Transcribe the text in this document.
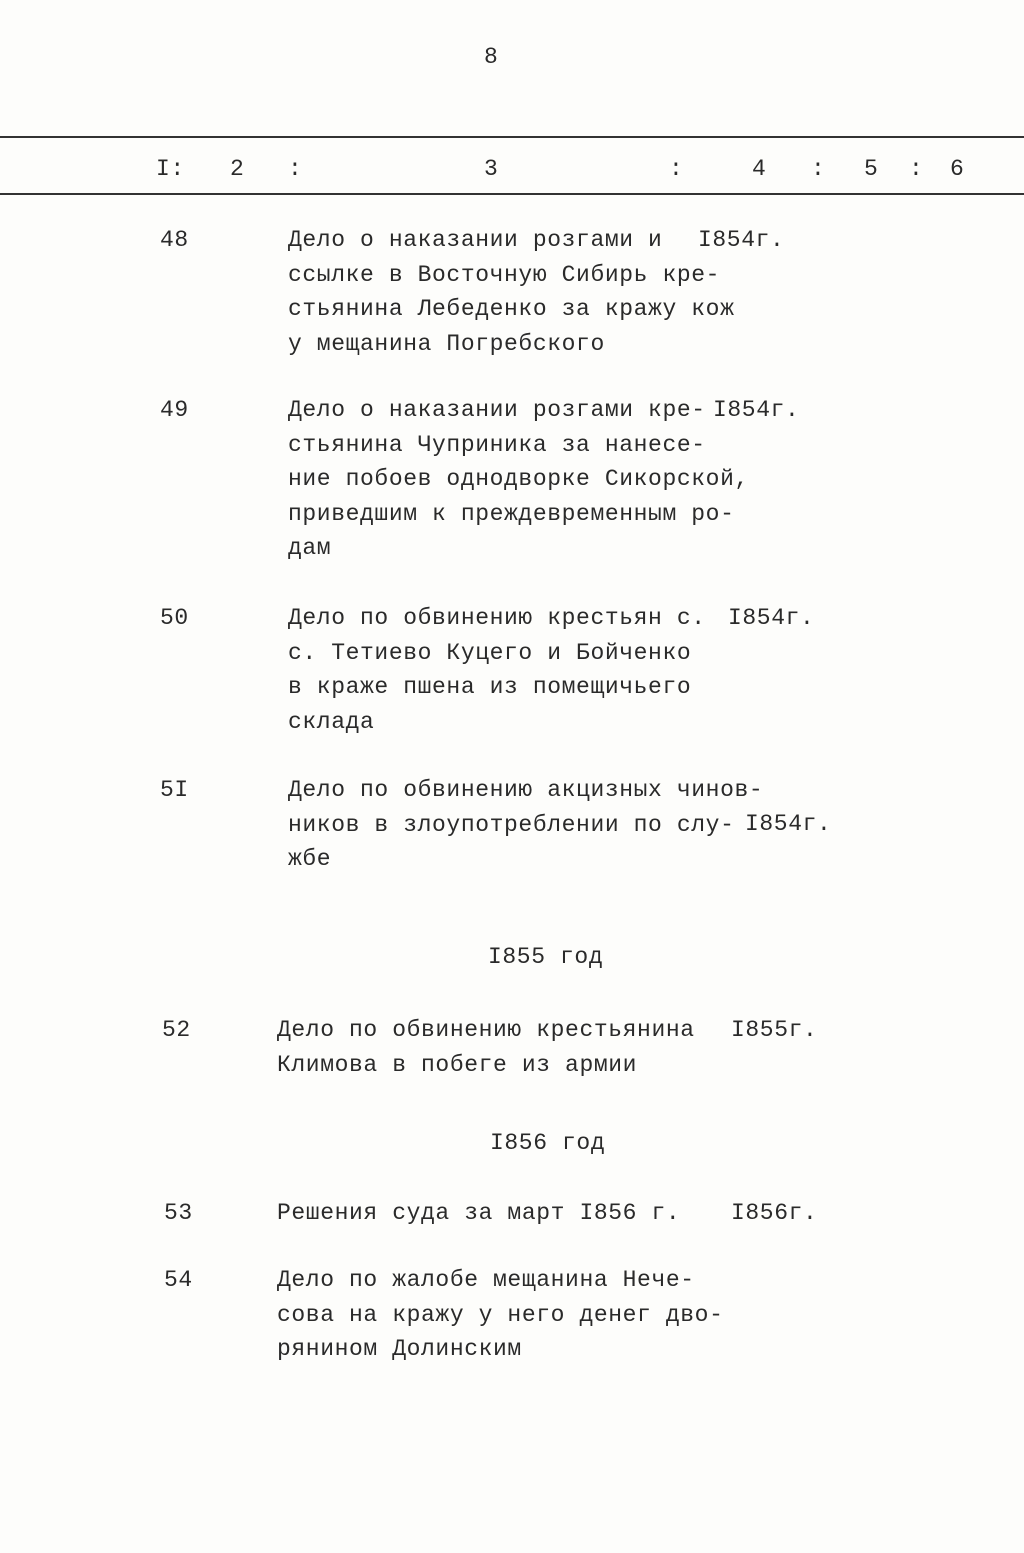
8
I: 2 :	3	:	4 : 5 : 6
48	Дело о наказании розгами и
ссылке в Восточную Сибирь кре-
стьянина Лебеденко за кражу кож
у мещанина Погребского
I854г.
49	Дело о наказании розгами кре-
стьянина Чуприника за нанесе-
ние побоев однодворке Сикорской,
приведшим к преждевременным ро-
дам
I854г.
50	Дело по обвинению крестьян с.
с. Тетиево Куцего и Бойченко
в краже пшена из помещичьего
склада
I854г.
5I	Дело по обвинению акцизных чинов-
ников в злоупотреблении по слу-
жбе
I854г.
I855 год
52	Дело по обвинению крестьянина
Климова в побеге из армии
I855г.
I856 год
53	Решения суда за март I856 г. I856г.
54	Дело по жалобе мещанина Нечe-
сова на кражу у него денег дво-
рянином Долинским
